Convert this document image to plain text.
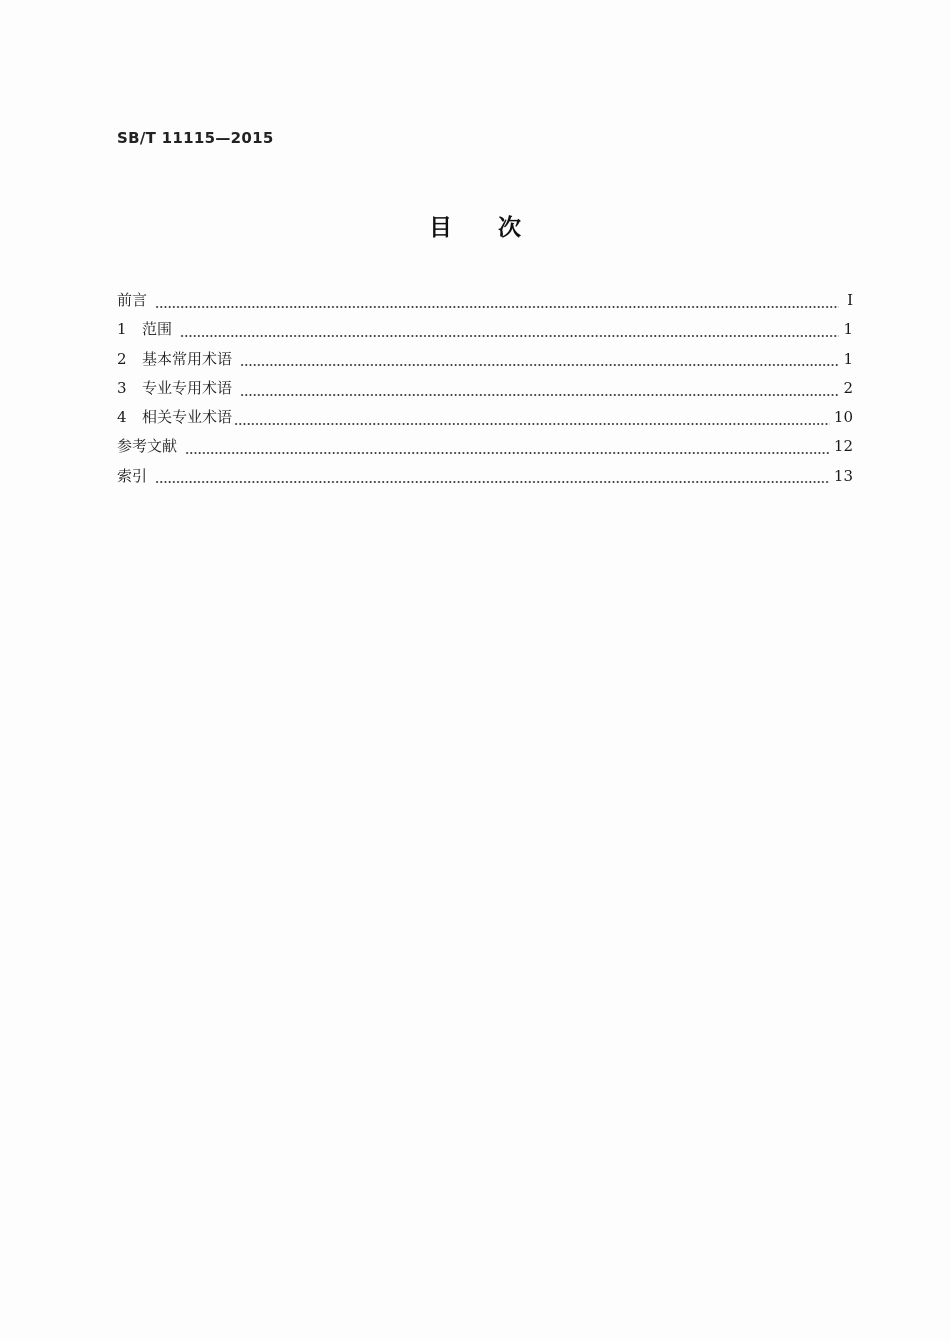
SB/T 11115—2015
目次
前言	Ⅰ
1	范围	1
2	基本常用术语	1
3	专业专用术语	2
4	相关专业术语	10
参考文献	12
索引	13
